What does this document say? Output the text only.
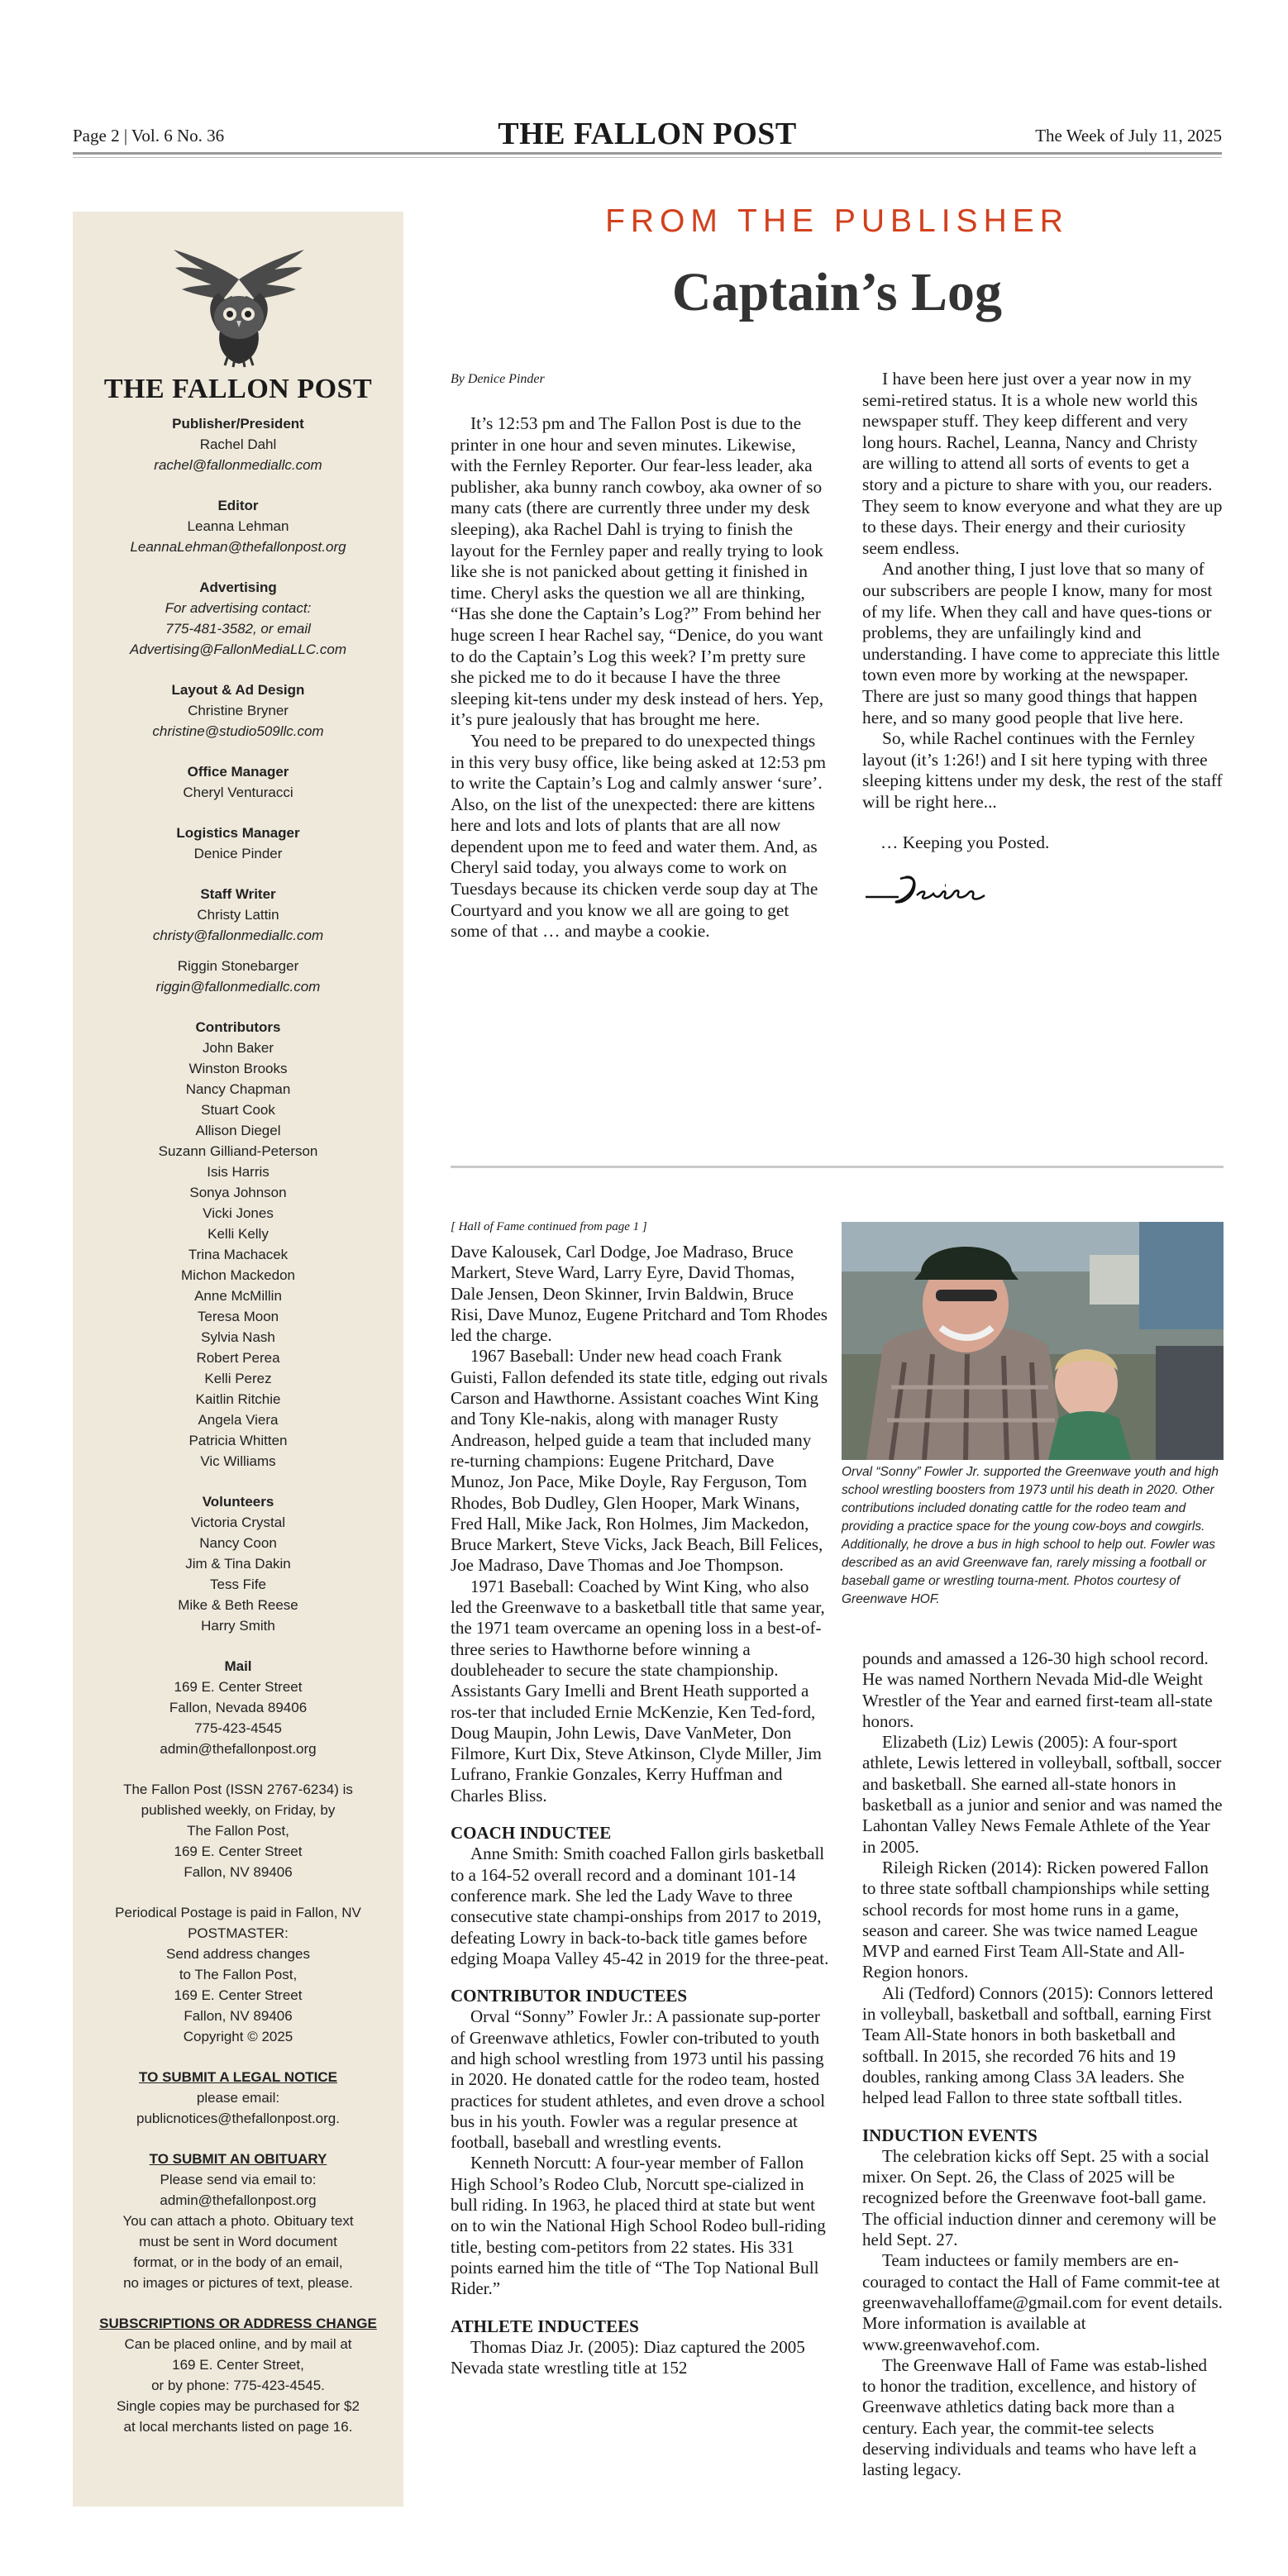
Page 2 | Vol. 6 No. 36	THE FALLON POST	The Week of July 11, 2025
THE FALLON POST
Publisher/President
Rachel Dahl
rachel@fallonmediallc.com
Editor
Leanna Lehman
LeannaLehman@thefallonpost.org
Advertising
For advertising contact:
775-481-3582, or email
Advertising@FallonMediaLLC.com
Layout & Ad Design
Christine Bryner
christine@studio509llc.com
Office Manager
Cheryl Venturacci
Logistics Manager
Denice Pinder
Staff Writer
Christy Lattin
christy@fallonmediallc.com
Riggin Stonebarger
riggin@fallonmediallc.com
Contributors
John Baker
Winston Brooks
Nancy Chapman
Stuart Cook
Allison Diegel
Suzann Gilliand-Peterson
Isis Harris
Sonya Johnson
Vicki Jones
Kelli Kelly
Trina Machacek
Michon Mackedon
Anne McMillin
Teresa Moon
Sylvia Nash
Robert Perea
Kelli Perez
Kaitlin Ritchie
Angela Viera
Patricia Whitten
Vic Williams
Volunteers
Victoria Crystal
Nancy Coon
Jim & Tina Dakin
Tess Fife
Mike & Beth Reese
Harry Smith
Mail
169 E. Center Street
Fallon, Nevada 89406
775-423-4545
admin@thefallonpost.org
The Fallon Post (ISSN 2767-6234) is
published weekly, on Friday, by
The Fallon Post,
169 E. Center Street
Fallon, NV 89406
Periodical Postage is paid in Fallon, NV
POSTMASTER:
Send address changes
to The Fallon Post,
169 E. Center Street
Fallon, NV 89406
Copyright © 2025
TO SUBMIT A LEGAL NOTICE
please email:
publicnotices@thefallonpost.org.
TO SUBMIT AN OBITUARY
Please send via email to:
admin@thefallonpost.org
You can attach a photo. Obituary text
must be sent in Word document
format, or in the body of an email,
no images or pictures of text, please.
SUBSCRIPTIONS OR ADDRESS CHANGE
Can be placed online, and by mail at
169 E. Center Street,
or by phone: 775-423-4545.
Single copies may be purchased for $2
at local merchants listed on page 16.
FROM THE PUBLISHER
Captain’s Log
By Denice Pinder

It’s 12:53 pm and The Fallon Post is due to the printer in one hour and seven minutes. Likewise, with the Fernley Reporter. Our fear-less leader, aka publisher, aka bunny ranch cowboy, aka owner of so many cats (there are currently three under my desk sleeping), aka Rachel Dahl is trying to finish the layout for the Fernley paper and really trying to look like she is not panicked about getting it finished in time. Cheryl asks the question we all are thinking, “Has she done the Captain’s Log?” From behind her huge screen I hear Rachel say, “Denice, do you want to do the Captain’s Log this week? I’m pretty sure she picked me to do it because I have the three sleeping kit-tens under my desk instead of hers. Yep, it’s pure jealously that has brought me here.

You need to be prepared to do unexpected things in this very busy office, like being asked at 12:53 pm to write the Captain’s Log and calmly answer ‘sure’. Also, on the list of the unexpected: there are kittens here and lots and lots of plants that are all now dependent upon me to feed and water them. And, as Cheryl said today, you always come to work on Tuesdays because its chicken verde soup day at The Courtyard and you know we all are going to get some of that … and maybe a cookie.

I have been here just over a year now in my semi-retired status. It is a whole new world this newspaper stuff. They keep different and very long hours. Rachel, Leanna, Nancy and Christy are willing to attend all sorts of events to get a story and a picture to share with you, our readers. They seem to know everyone and what they are up to these days. Their energy and their curiosity seem endless.

And another thing, I just love that so many of our subscribers are people I know, many for most of my life. When they call and have ques-tions or problems, they are unfailingly kind and understanding. I have come to appreciate this little town even more by working at the newspaper. There are just so many good things that happen here, and so many good people that live here.

So, while Rachel continues with the Fernley layout (it’s 1:26!) and I sit here typing with three sleeping kittens under my desk, the rest of the staff will be right here...

… Keeping you Posted.
[ Hall of Fame continued from page 1 ]

Dave Kalousek, Carl Dodge, Joe Madraso, Bruce Markert, Steve Ward, Larry Eyre, David Thomas, Dale Jensen, Deon Skinner, Irvin Baldwin, Bruce Risi, Dave Munoz, Eugene Pritchard and Tom Rhodes led the charge.

1967 Baseball: Under new head coach Frank Guisti, Fallon defended its state title, edging out rivals Carson and Hawthorne. Assistant coaches Wint King and Tony Kle-nakis, along with manager Rusty Andreason, helped guide a team that included many re-turning champions: Eugene Pritchard, Dave Munoz, Jon Pace, Mike Doyle, Ray Ferguson, Tom Rhodes, Bob Dudley, Glen Hooper, Mark Winans, Fred Hall, Mike Jack, Ron Holmes, Jim Mackedon, Bruce Markert, Steve Vicks, Jack Beach, Bill Felices, Joe Madraso, Dave Thomas and Joe Thompson.

1971 Baseball: Coached by Wint King, who also led the Greenwave to a basketball title that same year, the 1971 team overcame an opening loss in a best-of-three series to Hawthorne before winning a doubleheader to secure the state championship. Assistants Gary Imelli and Brent Heath supported a ros-ter that included Ernie McKenzie, Ken Ted-ford, Doug Maupin, John Lewis, Dave VanMeter, Don Filmore, Kurt Dix, Steve Atkinson, Clyde Miller, Jim Lufrano, Frankie Gonzales, Kerry Huffman and Charles Bliss.

COACH INDUCTEE

Anne Smith: Smith coached Fallon girls basketball to a 164-52 overall record and a dominant 101-14 conference mark. She led the Lady Wave to three consecutive state champi-onships from 2017 to 2019, defeating Lowry in back-to-back title games before edging Moapa Valley 45-42 in 2019 for the three-peat.

CONTRIBUTOR INDUCTEES

Orval “Sonny” Fowler Jr.: A passionate sup-porter of Greenwave athletics, Fowler con-tributed to youth and high school wrestling from 1973 until his passing in 2020. He donated cattle for the rodeo team, hosted practices for student athletes, and even drove a school bus in his youth. Fowler was a regular presence at football, baseball and wrestling events.

Kenneth Norcutt: A four-year member of Fallon High School’s Rodeo Club, Norcutt spe-cialized in bull riding. In 1963, he placed third at state but went on to win the National High School Rodeo bull-riding title, besting com-petitors from 22 states. His 331 points earned him the title of “The Top National Bull Rider.”

ATHLETE INDUCTEES

Thomas Diaz Jr. (2005): Diaz captured the 2005 Nevada state wrestling title at 152

Orval “Sonny” Fowler Jr. supported the Greenwave youth and high school wrestling boosters from 1973 until his death in 2020. Other contributions included donating cattle for the rodeo team and providing a practice space for the young cow-boys and cowgirls. Additionally, he drove a bus in high school to help out. Fowler was described as an avid Greenwave fan, rarely missing a football or baseball game or wrestling tourna-ment. Photos courtesy of Greenwave HOF.

pounds and amassed a 126-30 high school record. He was named Northern Nevada Mid-dle Weight Wrestler of the Year and earned first-team all-state honors.

Elizabeth (Liz) Lewis (2005): A four-sport athlete, Lewis lettered in volleyball, softball, soccer and basketball. She earned all-state honors in basketball as a junior and senior and was named the Lahontan Valley News Female Athlete of the Year in 2005.

Rileigh Ricken (2014): Ricken powered Fallon to three state softball championships while setting school records for most home runs in a game, season and career. She was twice named League MVP and earned First Team All-State and All-Region honors.

Ali (Tedford) Connors (2015): Connors lettered in volleyball, basketball and softball, earning First Team All-State honors in both basketball and softball. In 2015, she recorded 76 hits and 19 doubles, ranking among Class 3A leaders. She helped lead Fallon to three state softball titles.

INDUCTION EVENTS

The celebration kicks off Sept. 25 with a social mixer. On Sept. 26, the Class of 2025 will be recognized before the Greenwave foot-ball game. The official induction dinner and ceremony will be held Sept. 27.

Team inductees or family members are en-couraged to contact the Hall of Fame commit-tee at greenwavehalloffame@gmail.com for event details. More information is available at www.greenwavehof.com.

The Greenwave Hall of Fame was estab-lished to honor the tradition, excellence, and history of Greenwave athletics dating back more than a century. Each year, the commit-tee selects deserving individuals and teams who have left a lasting legacy.
